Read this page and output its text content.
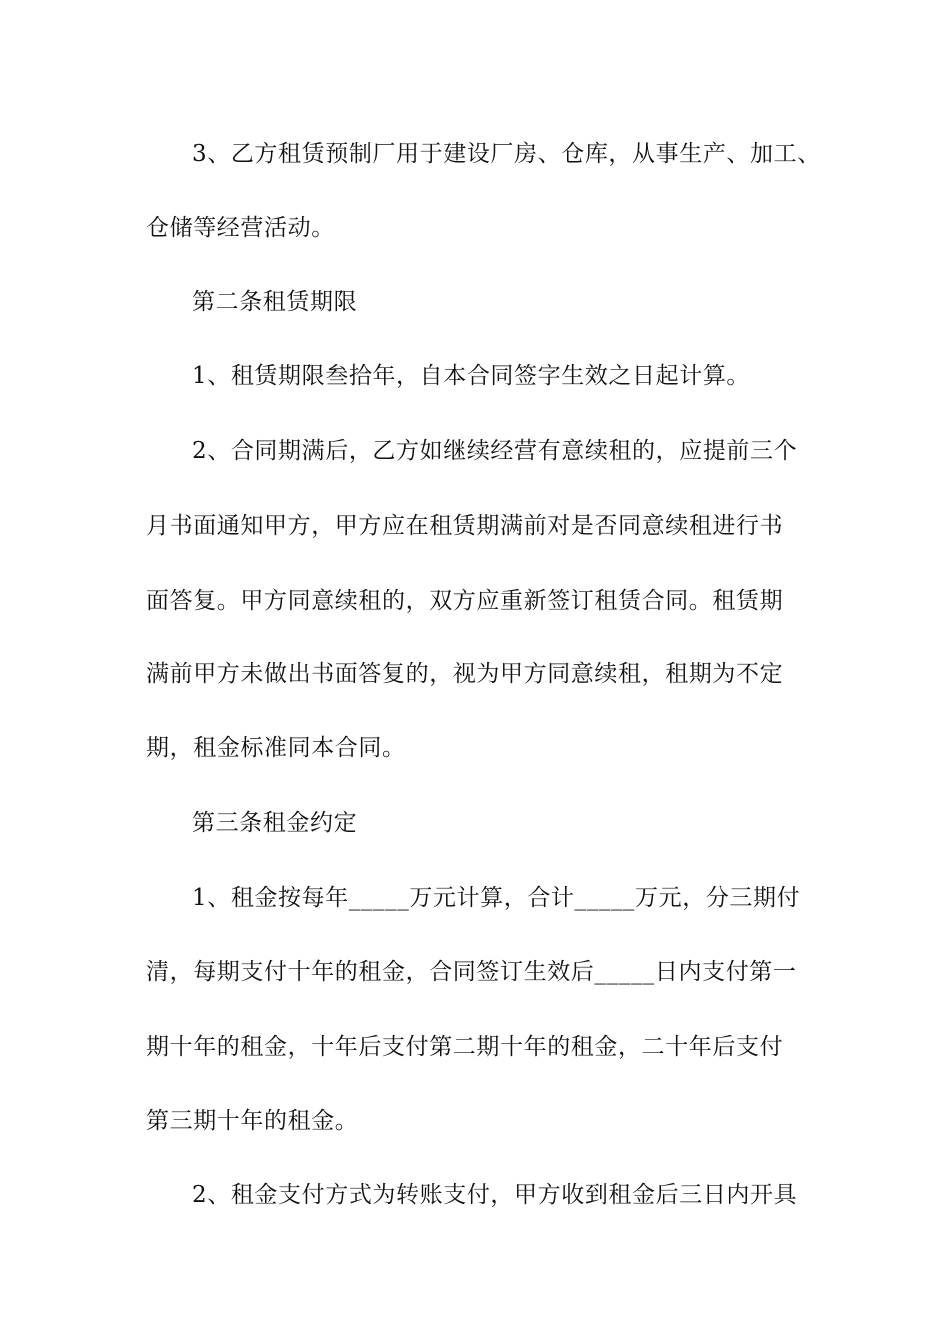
3、乙方租赁预制厂用于建设厂房、仓库，从事生产、加工、
仓储等经营活动。
第二条租赁期限
1、租赁期限叁拾年，自本合同签字生效之日起计算。
2、合同期满后，乙方如继续经营有意续租的，应提前三个
月书面通知甲方，甲方应在租赁期满前对是否同意续租进行书
面答复。甲方同意续租的，双方应重新签订租赁合同。租赁期
满前甲方未做出书面答复的，视为甲方同意续租，租期为不定
期，租金标准同本合同。
第三条租金约定
1、租金按每年_____万元计算，合计_____万元，分三期付
清，每期支付十年的租金，合同签订生效后_____日内支付第一
期十年的租金，十年后支付第二期十年的租金，二十年后支付
第三期十年的租金。
2、租金支付方式为转账支付，甲方收到租金后三日内开具
